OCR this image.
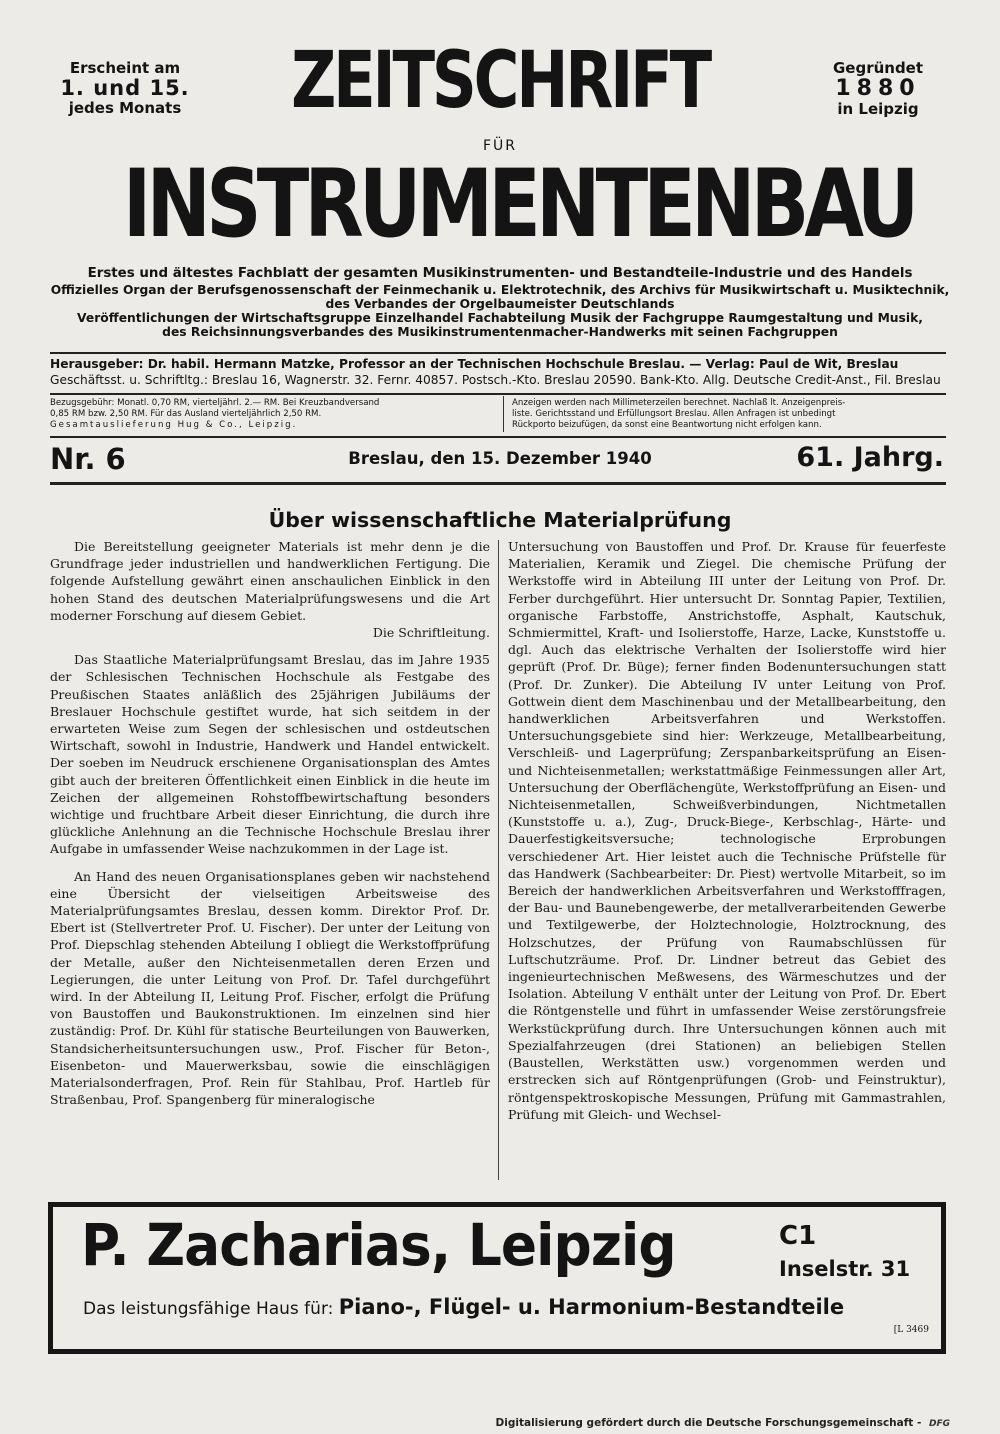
Erscheint am
1. und 15.
jedes Monats ZEITSCHRIFT
FÜR
INSTRUMENTENBAU
Gegründet
1880
in Leipzig
Erstes und ältestes Fachblatt der gesamten Musikinstrumenten- und Bestandteile-Industrie und des Handels
Offizielles Organ der Berufsgenossenschaft der Feinmechanik u. Elektrotechnik, des Archivs für Musikwirtschaft u. Musiktechnik,
des Verbandes der Orgelbaumeister Deutschlands
Veröffentlichungen der Wirtschaftsgruppe Einzelhandel Fachabteilung Musik der Fachgruppe Raumgestaltung und Musik,
des Reichsinnungsverbandes des Musikinstrumentenmacher-Handwerks mit seinen Fachgruppen
Herausgeber: Dr. habil. Hermann Matzke, Professor an der Technischen Hochschule Breslau. — Verlag: Paul de Wit, Breslau
Geschäftsst. u. Schriftltg.: Breslau 16, Wagnerstr. 32. Fernr. 40857. Postsch.-Kto. Breslau 20590. Bank-Kto. Allg. Deutsche Credit-Anst., Fil. Breslau
Bezugsgebühr: Monatl. 0,70 RM, vierteljährl. 2.— RM. Bei Kreuzbandversand
0,85 RM bzw. 2,50 RM. Für das Ausland vierteljährlich 2,50 RM.
Gesamtauslieferung Hug & Co., Leipzig.
Anzeigen werden nach Millimeterzeilen berechnet. Nachlaß lt. Anzeigenpreis-
liste. Gerichtsstand und Erfüllungsort Breslau. Allen Anfragen ist unbedingt
Rückporto beizufügen, da sonst eine Beantwortung nicht erfolgen kann.
Nr. 6	Breslau, den 15. Dezember 1940	61. Jahrg.
Über wissenschaftliche Materialprüfung

Die Bereitstellung geeigneter Materials ist mehr denn je die Grundfrage jeder industriellen und handwerklichen Fertigung. Die folgende Aufstellung gewährt einen anschaulichen Einblick in den hohen Stand des deutschen Materialprüfungswesens und die Art moderner Forschung auf diesem Gebiet.

Die Schriftleitung.

Das Staatliche Materialprüfungsamt Breslau, das im Jahre 1935 der Schlesischen Technischen Hochschule als Festgabe des Preußischen Staates anläßlich des 25jährigen Jubiläums der Breslauer Hochschule gestiftet wurde, hat sich seitdem in der erwarteten Weise zum Segen der schlesischen und ostdeutschen Wirtschaft, sowohl in Industrie, Handwerk und Handel entwickelt. Der soeben im Neudruck erschienene Organisationsplan des Amtes gibt auch der breiteren Öffentlichkeit einen Einblick in die heute im Zeichen der allgemeinen Rohstoffbewirtschaftung besonders wichtige und fruchtbare Arbeit dieser Einrichtung, die durch ihre glückliche Anlehnung an die Technische Hochschule Breslau ihrer Aufgabe in umfassender Weise nachzukommen in der Lage ist.

An Hand des neuen Organisationsplanes geben wir nachstehend eine Übersicht der vielseitigen Arbeitsweise des Materialprüfungsamtes Breslau, dessen komm. Direktor Prof. Dr. Ebert ist (Stellvertreter Prof. U. Fischer). Der unter der Leitung von Prof. Diepschlag stehenden Abteilung I obliegt die Werkstoffprüfung der Metalle, außer den Nichteisenmetallen deren Erzen und Legierungen, die unter Leitung von Prof. Dr. Tafel durchgeführt wird. In der Abteilung II, Leitung Prof. Fischer, erfolgt die Prüfung von Baustoffen und Baukonstruktionen. Im einzelnen sind hier zuständig: Prof. Dr. Kühl für statische Beurteilungen von Bauwerken, Standsicherheitsuntersuchungen usw., Prof. Fischer für Beton-, Eisenbeton- und Mauerwerksbau, sowie die einschlägigen Materialsonderfragen, Prof. Rein für Stahlbau, Prof. Hartleb für Straßenbau, Prof. Spangenberg für mineralogische

Untersuchung von Baustoffen und Prof. Dr. Krause für feuerfeste Materialien, Keramik und Ziegel. Die chemische Prüfung der Werkstoffe wird in Abteilung III unter der Leitung von Prof. Dr. Ferber durchgeführt. Hier untersucht Dr. Sonntag Papier, Textilien, organische Farbstoffe, Anstrichstoffe, Asphalt, Kautschuk, Schmiermittel, Kraft- und Isolierstoffe, Harze, Lacke, Kunststoffe u. dgl. Auch das elektrische Verhalten der Isolierstoffe wird hier geprüft (Prof. Dr. Büge); ferner finden Bodenuntersuchungen statt (Prof. Dr. Zunker). Die Abteilung IV unter Leitung von Prof. Gottwein dient dem Maschinenbau und der Metallbearbeitung, den handwerklichen Arbeitsverfahren und Werkstoffen. Untersuchungsgebiete sind hier: Werkzeuge, Metallbearbeitung, Verschleiß- und Lagerprüfung; Zerspanbarkeitsprüfung an Eisen- und Nichteisenmetallen; werkstattmäßige Feinmessungen aller Art, Untersuchung der Oberflächengüte, Werkstoffprüfung an Eisen- und Nichteisenmetallen, Schweißverbindungen, Nichtmetallen (Kunststoffe u. a.), Zug-, Druck-Biege-, Kerbschlag-, Härte- und Dauerfestigkeitsversuche; technologische Erprobungen verschiedener Art. Hier leistet auch die Technische Prüfstelle für das Handwerk (Sachbearbeiter: Dr. Piest) wertvolle Mitarbeit, so im Bereich der handwerklichen Arbeitsverfahren und Werkstofffragen, der Bau- und Baunebengewerbe, der metallverarbeitenden Gewerbe und Textilgewerbe, der Holztechnologie, Holztrocknung, des Holzschutzes, der Prüfung von Raumabschlüssen für Luftschutzräume. Prof. Dr. Lindner betreut das Gebiet des ingenieurtechnischen Meßwesens, des Wärmeschutzes und der Isolation. Abteilung V enthält unter der Leitung von Prof. Dr. Ebert die Röntgenstelle und führt in umfassender Weise zerstörungsfreie Werkstückprüfung durch. Ihre Untersuchungen können auch mit Spezialfahrzeugen (drei Stationen) an beliebigen Stellen (Baustellen, Werkstätten usw.) vorgenommen werden und erstrecken sich auf Röntgenprüfungen (Grob- und Feinstruktur), röntgenspektroskopische Messungen, Prüfung mit Gammastrahlen, Prüfung mit Gleich- und Wechsel-

P. Zacharias, Leipzig	C1
Inselstr. 31
Das leistungsfähige Haus für: Piano-, Flügel- u. Harmonium-Bestandteile
[L 3469
Digitalisierung gefördert durch die Deutsche Forschungsgemeinschaft - DFG
